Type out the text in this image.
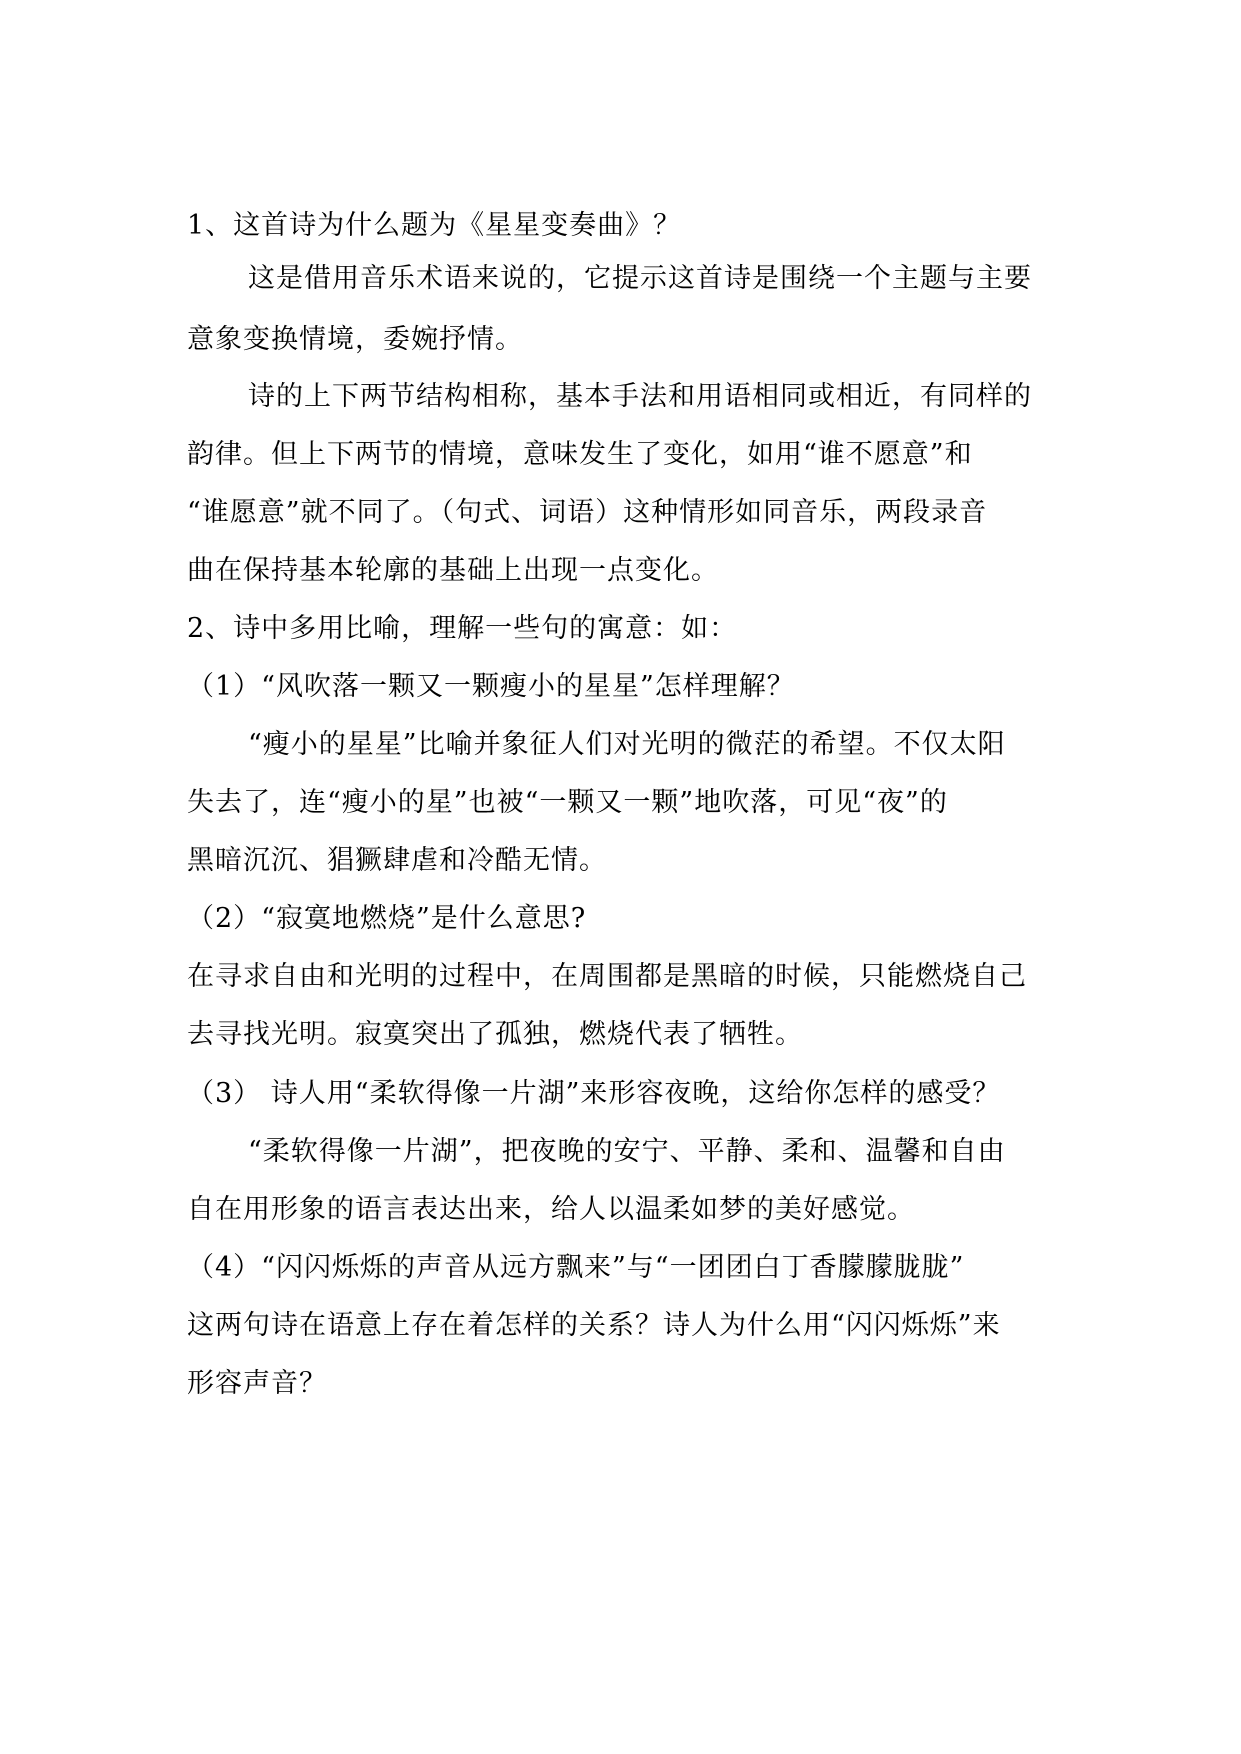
1、这首诗为什么题为《星星变奏曲》？
这是借用音乐术语来说的，它提示这首诗是围绕一个主题与主要
意象变换情境，委婉抒情。
诗的上下两节结构相称，基本手法和用语相同或相近，有同样的
韵律。但上下两节的情境，意味发生了变化，如用“谁不愿意”和
“谁愿意”就不同了。（句式、词语）这种情形如同音乐，两段录音
曲在保持基本轮廓的基础上出现一点变化。
2、诗中多用比喻，理解一些句的寓意：如：
（1）“风吹落一颗又一颗瘦小的星星”怎样理解？
“瘦小的星星”比喻并象征人们对光明的微茫的希望。不仅太阳
失去了，连“瘦小的星”也被“一颗又一颗”地吹落，可见“夜”的
黑暗沉沉、猖獗肆虐和冷酷无情。
（2）“寂寞地燃烧”是什么意思?
在寻求自由和光明的过程中，在周围都是黑暗的时候，只能燃烧自己
去寻找光明。寂寞突出了孤独，燃烧代表了牺牲。
（3） 诗人用“柔软得像一片湖”来形容夜晚，这给你怎样的感受？
“柔软得像一片湖”，把夜晚的安宁、平静、柔和、温馨和自由
自在用形象的语言表达出来，给人以温柔如梦的美好感觉。
（4）“闪闪烁烁的声音从远方飘来”与“一团团白丁香朦朦胧胧”
这两句诗在语意上存在着怎样的关系？诗人为什么用“闪闪烁烁”来
形容声音？
